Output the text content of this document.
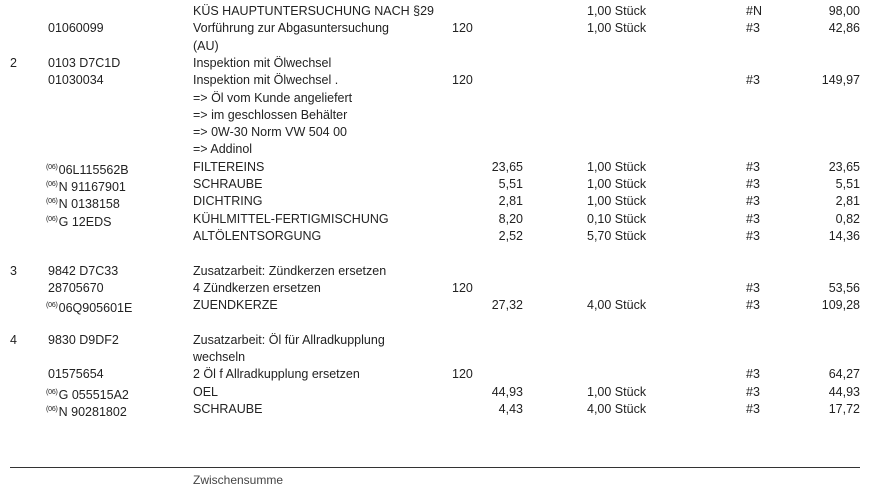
KÜS HAUPTUNTERSUCHUNG NACH §29	1,00 Stück	#N	98,00
01060099	Vorführung zur Abgasuntersuchung	120	1,00 Stück	#3	42,86
(AU)
2 0103 D7C1D	Inspektion mit Ölwechsel
01030034	Inspektion mit Ölwechsel .	120	#3	149,97
=> Öl vom Kunde angeliefert
=> im geschlossen Behälter
=> 0W-30 Norm VW 504 00
=> Addinol
$^{(06)}$06L115562B	FILTEREINS	23,65	1,00 Stück	#3	23,65
$^{(06)}$N 91167901	SCHRAUBE	5,51	1,00 Stück	#3	5,51
$^{(06)}$N 0138158	DICHTRING	2,81	1,00 Stück	#3	2,81
$^{(06)}$G 12EDS	KÜHLMITTEL-FERTIGMISCHUNG	8,20	0,10 Stück	#3	0,82
ALTÖLENTSORGUNG	2,52	5,70 Stück	#3	14,36
3 9842 D7C33	Zusatzarbeit: Zündkerzen ersetzen
28705670	4 Zündkerzen ersetzen	120	#3	53,56
$^{(06)}$06Q905601E	ZUENDKERZE	27,32	4,00 Stück	#3	109,28
4 9830 D9DF2	Zusatzarbeit: Öl für Allradkupplung
wechseln
01575654	2 Öl f Allradkupplung ersetzen	120	#3	64,27
$^{(06)}$G 055515A2	OEL	44,93	1,00 Stück	#3	44,93
$^{(06)}$N 90281802	SCHRAUBE	4,43	4,00 Stück	#3	17,72
Zwischensumme
